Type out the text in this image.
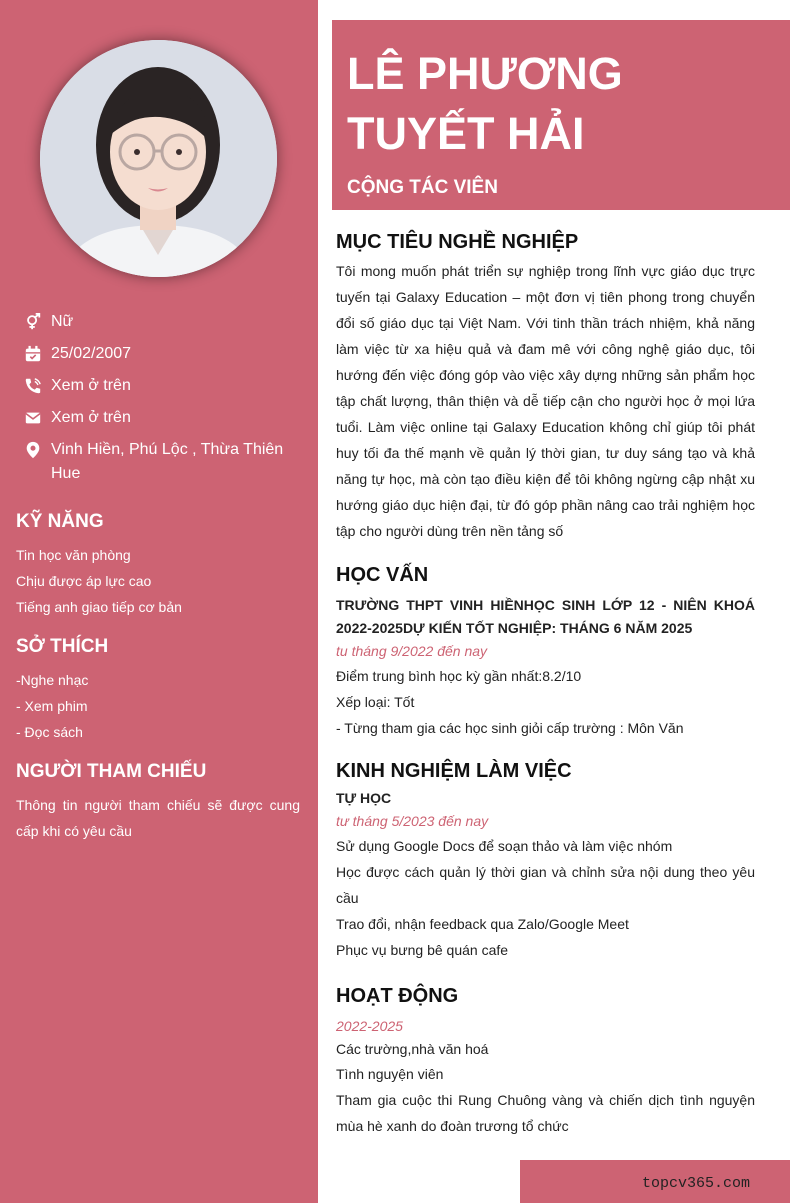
Nữ
25/02/2007
Xem ở trên
Xem ở trên
Vinh Hiền, Phú Lộc , Thừa Thiên Hue
KỸ NĂNG
Tin học văn phòng
Chịu được áp lực cao
Tiếng anh giao tiếp cơ bản
SỞ THÍCH
-Nghe nhạc
- Xem phim
- Đọc sách
NGƯỜI THAM CHIẾU
Thông tin người tham chiếu sẽ được cung cấp khi có yêu cầu
LÊ PHƯƠNG TUYẾT HẢI
CỘNG TÁC VIÊN
MỤC TIÊU NGHỀ NGHIỆP
Tôi mong muốn phát triển sự nghiệp trong lĩnh vực giáo dục trực tuyến tại Galaxy Education – một đơn vị tiên phong trong chuyển đổi số giáo dục tại Việt Nam. Với tinh thần trách nhiệm, khả năng làm việc từ xa hiệu quả và đam mê với công nghệ giáo dục, tôi hướng đến việc đóng góp vào việc xây dựng những sản phẩm học tập chất lượng, thân thiện và dễ tiếp cận cho người học ở mọi lứa tuổi. Làm việc online tại Galaxy Education không chỉ giúp tôi phát huy tối đa thế mạnh về quản lý thời gian, tư duy sáng tạo và khả năng tự học, mà còn tạo điều kiện để tôi không ngừng cập nhật xu hướng giáo dục hiện đại, từ đó góp phần nâng cao trải nghiệm học tập cho người dùng trên nền tảng số
HỌC VẤN
TRƯỜNG THPT VINH HIỀNHỌC SINH LỚP 12 - NIÊN KHOÁ 2022-2025DỰ KIẾN TỐT NGHIỆP: THÁNG 6 NĂM 2025
tu tháng 9/2022 đến nay
Điểm trung bình học kỳ gần nhất:8.2/10
Xếp loại: Tốt
- Từng tham gia các học sinh giỏi cấp trường : Môn Văn
KINH NGHIỆM LÀM VIỆC
TỰ HỌC
tư tháng 5/2023 đến nay
Sử dụng Google Docs để soạn thảo và làm việc nhóm
Học được cách quản lý thời gian và chỉnh sửa nội dung theo yêu cầu
Trao đổi, nhận feedback qua Zalo/Google Meet
Phục vụ bưng bê quán cafe
HOẠT ĐỘNG
2022-2025
Các trường,nhà văn hoá
Tình nguyện viên
Tham gia cuộc thi Rung Chuông vàng và chiến dịch tình nguyện mùa hè xanh do đoàn trương tổ chức
topcv365.com
